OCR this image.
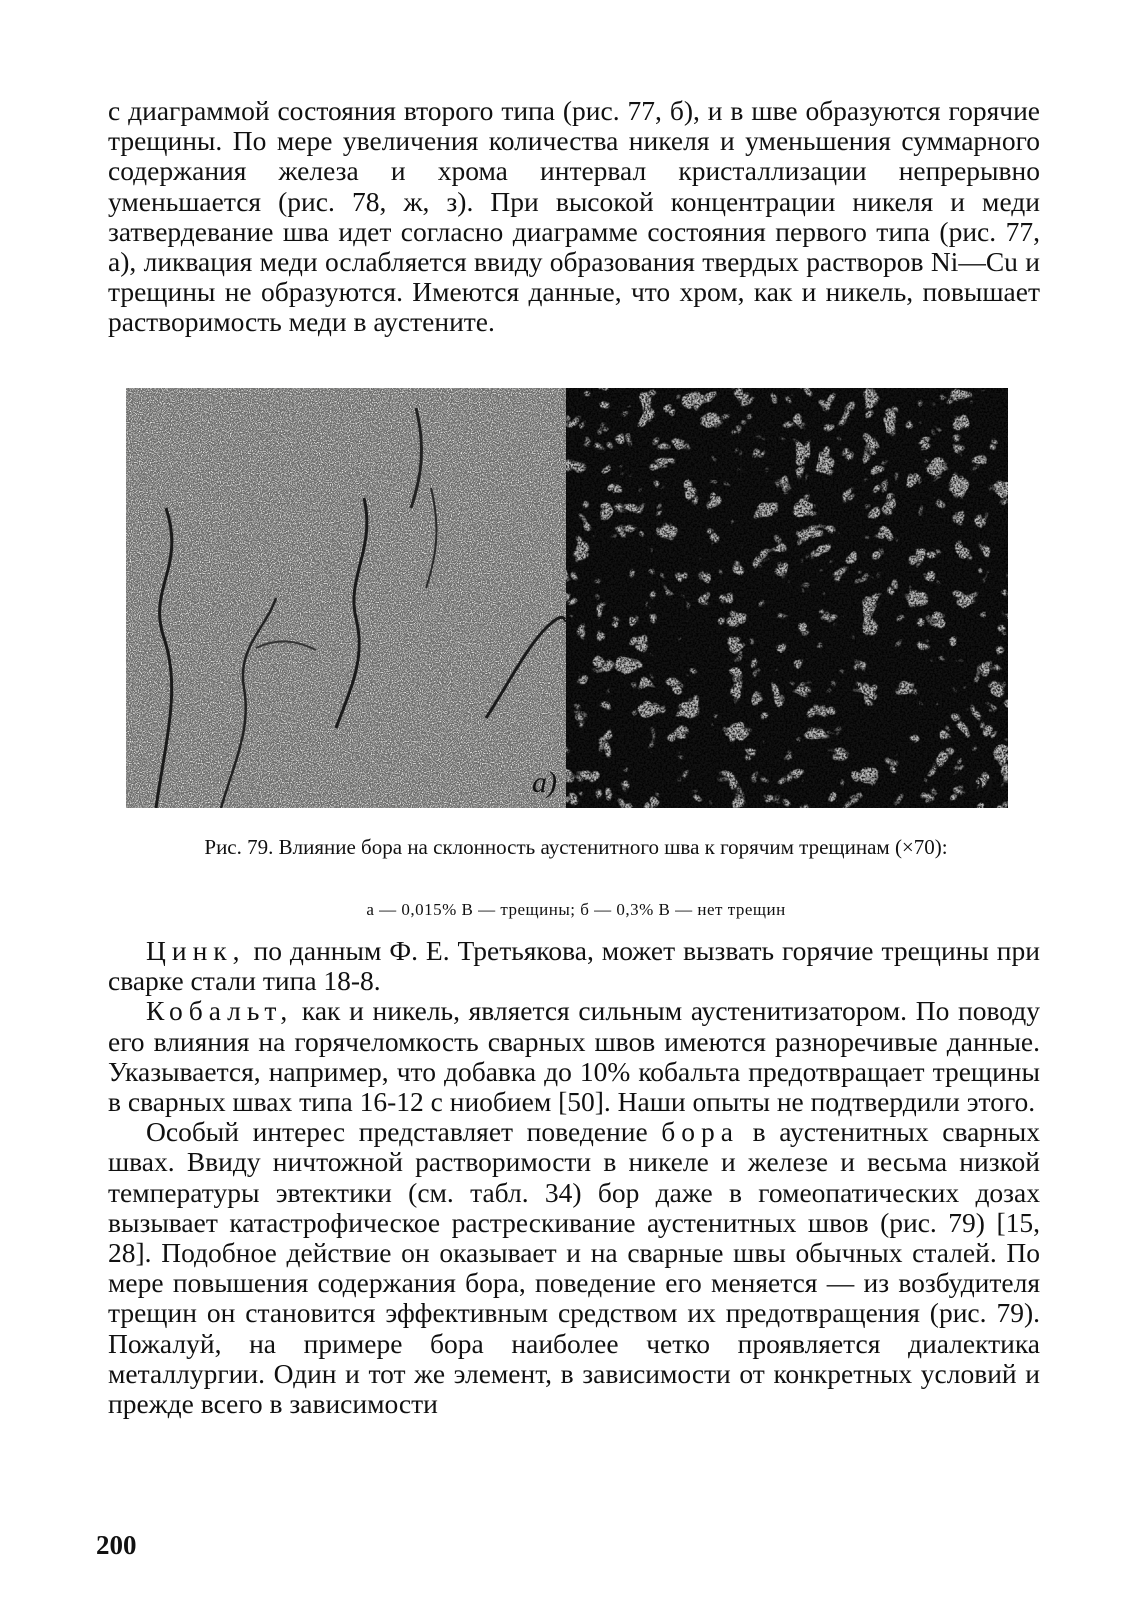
с диаграммой состояния второго типа (рис. 77, б), и в шве образуются горячие трещины. По мере увеличения количества никеля и уменьшения суммарного содержания железа и хрома интервал кристаллизации непрерывно уменьшается (рис. 78, ж, з). При высокой концентрации никеля и меди затвердевание шва идет согласно диаграмме состояния первого типа (рис. 77, а), ликвация меди ослабляется ввиду образования твердых растворов Ni—Cu и трещины не образуются. Имеются данные, что хром, как и никель, повышает растворимость меди в аустените.

а)	б)
Рис. 79. Влияние бора на склонность аустенитного шва к горячим трещинам (×70):
а — 0,015% В — трещины; б — 0,3% В — нет трещин

Цинк, по данным Ф. Е. Третьякова, может вызвать горячие трещины при сварке стали типа 18-8.

Кобальт, как и никель, является сильным аустенитизатором. По поводу его влияния на горячеломкость сварных швов имеются разноречивые данные. Указывается, например, что добавка до 10% кобальта предотвращает трещины в сварных швах типа 16-12 с ниобием [50]. Наши опыты не подтвердили этого.

Особый интерес представляет поведение бора в аустенитных сварных швах. Ввиду ничтожной растворимости в никеле и железе и весьма низкой температуры эвтектики (см. табл. 34) бор даже в гомеопатических дозах вызывает катастрофическое растрескивание аустенитных швов (рис. 79) [15, 28]. Подобное действие он оказывает и на сварные швы обычных сталей. По мере повышения содержания бора, поведение его меняется — из возбудителя трещин он становится эффективным средством их предотвращения (рис. 79). Пожалуй, на примере бора наиболее четко проявляется диалектика металлургии. Один и тот же элемент, в зависимости от конкретных условий и прежде всего в зависимости

200
